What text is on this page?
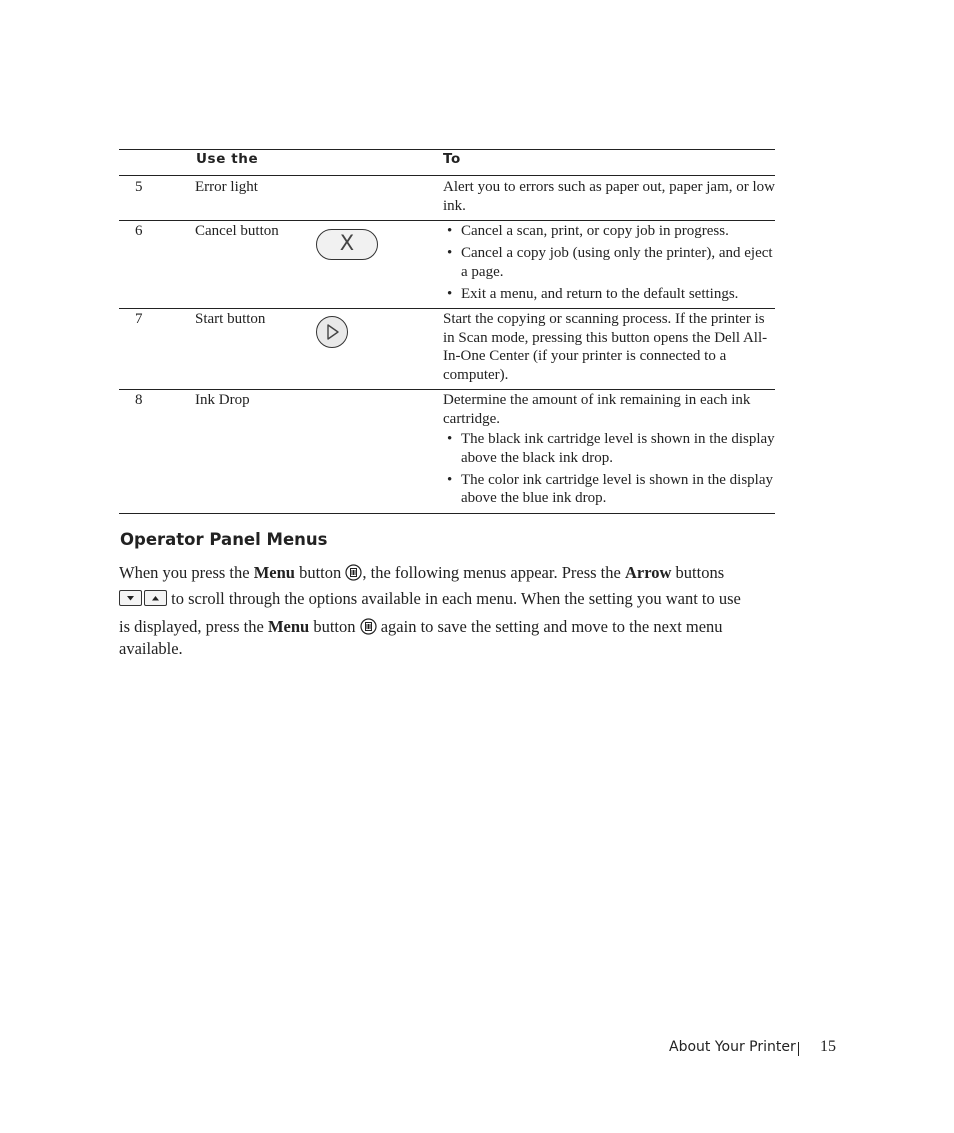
Use the	To
5	Error light	Alert you to errors such as paper out, paper jam, or low ink.
6	Cancel button	X
•	Cancel a scan, print, or copy job in progress.
• Cancel a copy job (using only the printer), and eject a page.
• Exit a menu, and return to the default settings.
7	Start button	Start the copying or scanning process. If the printer is in Scan mode, pressing this button opens the Dell All-In-One Center (if your printer is connected to a computer).
8	Ink Drop	Determine the amount of ink remaining in each ink cartridge.

• The black ink cartridge level is shown in the display above the black ink drop.
• The color ink cartridge level is shown in the display above the blue ink drop.
Operator Panel Menus
When you press the Menu button , the following menus appear. Press the Arrow buttons
to scroll through the options available in each menu. When the setting you want to use
is displayed, press the Menu button  again to save the setting and move to the next menu
available.
About Your Printer 15
